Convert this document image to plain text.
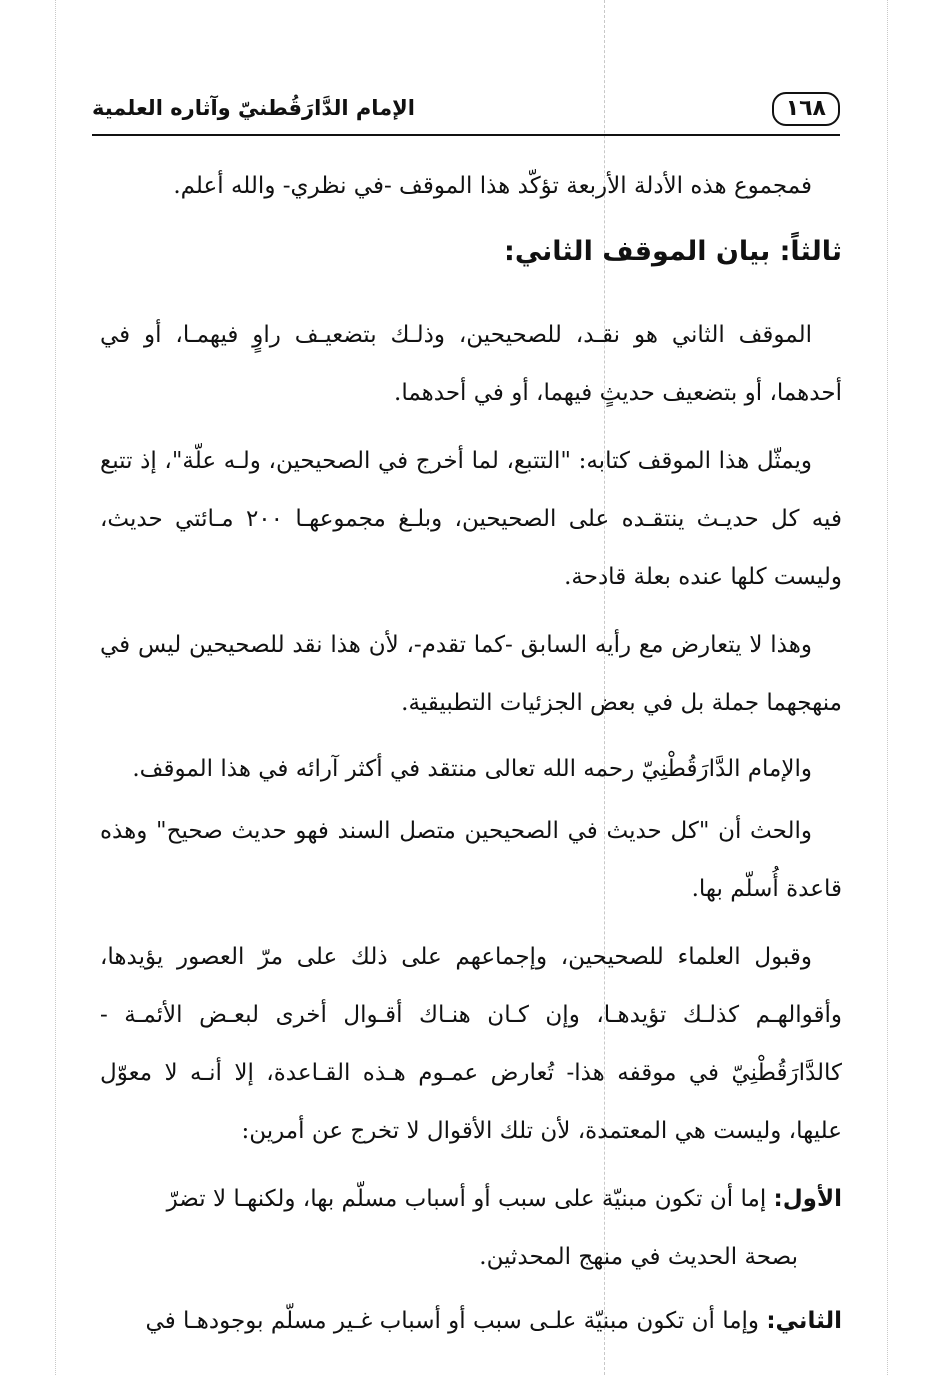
١٦٨
الإمام الدَّارَقُطنيّ وآثاره العلمية

فمجموع هذه الأدلة الأربعة تؤكّد هذا الموقف -في نظري- والله أعلم.

ثالثاً: بيان الموقف الثاني:

الموقف الثاني هو نقـد، للصحيحين، وذلـك بتضعيـف راوٍ فيهمـا، أو في أحدهما، أو بتضعيف حديثٍ فيهما، أو في أحدهما.

ويمثّل هذا الموقف كتابه: "التتبع، لما أخرج في الصحيحين، ولـه علّة"، إذ تتبع فيه كل حديـث ينتقـده على الصحيحين، وبلـغ مجموعهـا ٢٠٠ مـائتي حديث، وليست كلها عنده بعلة قادحة.

وهذا لا يتعارض مع رأيه السابق -كما تقدم-، لأن هذا نقد للصحيحين ليس في منهجهما جملة بل في بعض الجزئيات التطبيقية.

والإمام الدَّارَقُطْنِيّ رحمه الله تعالى منتقد في أكثر آرائه في هذا الموقف.

والحث أن "كل حديث في الصحيحين متصل السند فهو حديث صحيح" وهذه قاعدة أُسلّم بها.

وقبول العلماء للصحيحين، وإجماعهم على ذلك على مرّ العصور يؤيدها، وأقوالهـم كذلـك تؤيدهـا، وإن كـان هنـاك أقـوال أخرى لبعـض الأئمـة - كالدَّارَقُطْنِيّ في موقفه هذا- تُعارض عمـوم هـذه القـاعدة، إلا أنـه لا معوّل عليها، وليست هي المعتمدة، لأن تلك الأقوال لا تخرج عن أمرين:

الأول: إما أن تكون مبنيّة على سبب أو أسباب مسلّم بها، ولكنهـا لا تضرّ
بصحة الحديث في منهج المحدثين.

الثاني: وإما أن تكون مبنيّة علـى سبب أو أسباب غـير مسلّم بوجودهـا في
